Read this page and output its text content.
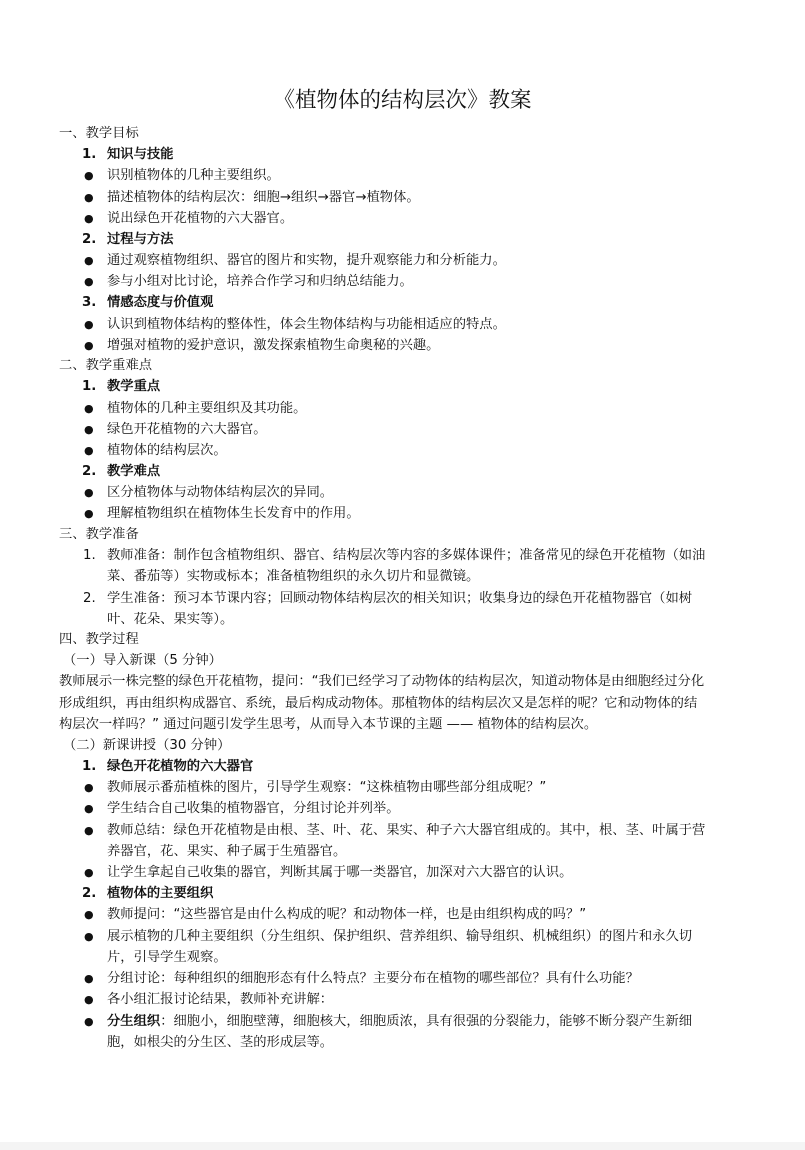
《植物体的结构层次》教案
一、教学目标
1. 知识与技能
● 识别植物体的几种主要组织。
● 描述植物体的结构层次：细胞→组织→器官→植物体。
● 说出绿色开花植物的六大器官。
2. 过程与方法
● 通过观察植物组织、器官的图片和实物，提升观察能力和分析能力。
● 参与小组对比讨论，培养合作学习和归纳总结能力。
3. 情感态度与价值观
● 认识到植物体结构的整体性，体会生物体结构与功能相适应的特点。
● 增强对植物的爱护意识，激发探索植物生命奥秘的兴趣。
二、教学重难点
1. 教学重点
● 植物体的几种主要组织及其功能。
● 绿色开花植物的六大器官。
● 植物体的结构层次。
2. 教学难点
● 区分植物体与动物体结构层次的异同。
● 理解植物组织在植物体生长发育中的作用。
三、教学准备
1. 教师准备：制作包含植物组织、器官、结构层次等内容的多媒体课件；准备常见的绿色开花植物（如油
菜、番茄等）实物或标本；准备植物组织的永久切片和显微镜。
2. 学生准备：预习本节课内容；回顾动物体结构层次的相关知识；收集身边的绿色开花植物器官（如树
叶、花朵、果实等）。
四、教学过程
（一）导入新课（5 分钟）
教师展示一株完整的绿色开花植物，提问：“我们已经学习了动物体的结构层次，知道动物体是由细胞经过分化
形成组织，再由组织构成器官、系统，最后构成动物体。那植物体的结构层次又是怎样的呢？它和动物体的结
构层次一样吗？” 通过问题引发学生思考，从而导入本节课的主题 —— 植物体的结构层次。
（二）新课讲授（30 分钟）
1. 绿色开花植物的六大器官
● 教师展示番茄植株的图片，引导学生观察：“这株植物由哪些部分组成呢？”
● 学生结合自己收集的植物器官，分组讨论并列举。
● 教师总结：绿色开花植物是由根、茎、叶、花、果实、种子六大器官组成的。其中，根、茎、叶属于营
养器官，花、果实、种子属于生殖器官。
● 让学生拿起自己收集的器官，判断其属于哪一类器官，加深对六大器官的认识。
2. 植物体的主要组织
● 教师提问：“这些器官是由什么构成的呢？和动物体一样，也是由组织构成的吗？”
● 展示植物的几种主要组织（分生组织、保护组织、营养组织、输导组织、机械组织）的图片和永久切
片，引导学生观察。
● 分组讨论：每种组织的细胞形态有什么特点？主要分布在植物的哪些部位？具有什么功能？
● 各小组汇报讨论结果，教师补充讲解：
● 分生组织：细胞小，细胞壁薄，细胞核大，细胞质浓，具有很强的分裂能力，能够不断分裂产生新细
胞，如根尖的分生区、茎的形成层等。
